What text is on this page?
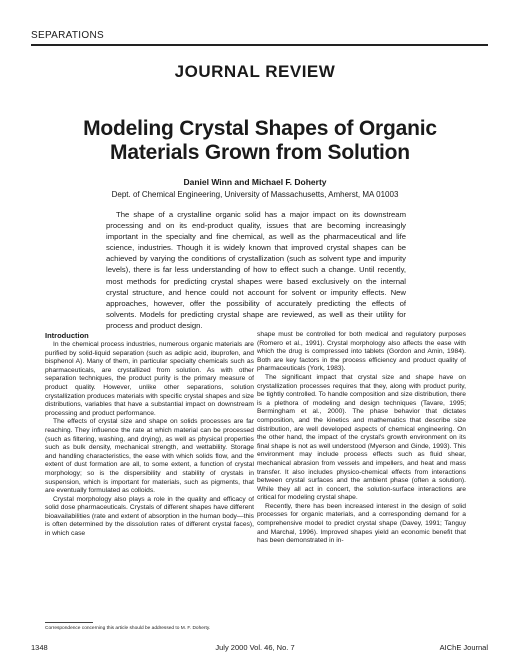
SEPARATIONS
JOURNAL REVIEW
Modeling Crystal Shapes of Organic Materials Grown from Solution
Daniel Winn and Michael F. Doherty
Dept. of Chemical Engineering, University of Massachusetts, Amherst, MA 01003

The shape of a crystalline organic solid has a major impact on its downstream processing and on its end-product quality, issues that are becoming increasingly important in the specialty and fine chemical, as well as the pharmaceutical and life science, industries. Though it is widely known that improved crystal shapes can be achieved by varying the conditions of crystallization (such as solvent type and impurity levels), there is far less understanding of how to effect such a change. Until recently, most methods for predicting crystal shapes were based exclusively on the internal crystal structure, and hence could not account for solvent or impurity effects. New approaches, however, offer the possibility of accurately predicting the effects of solvents. Models for predicting crystal shape are reviewed, as well as their utility for process and product design.

Introduction

In the chemical process industries, numerous organic materials are purified by solid-liquid separation (such as adipic acid, ibuprofen, and bisphenol A). Many of them, in particular specialty chemicals such as pharmaceuticals, are crystallized from solution. As with other separation techniques, the product purity is the primary measure of product quality. However, unlike other separations, solution crystallization produces materials with specific crystal shapes and size distributions, variables that have a substantial impact on downstream processing and product performance.

The effects of crystal size and shape on solids processes are far reaching. They influence the rate at which material can be processed (such as filtering, washing, and drying), as well as physical properties such as bulk density, mechanical strength, and wettability. Storage and handling characteristics, the ease with which solids flow, and the extent of dust formation are all, to some extent, a function of crystal morphology; so is the dispersibility and stability of crystals in suspension, which is important for materials, such as pigments, that are eventually formulated as colloids.

Crystal morphology also plays a role in the quality and efficacy of solid dose pharmaceuticals. Crystals of different shapes have different bioavailabilities (rate and extent of absorption in the human body—this is often determined by the dissolution rates of different crystal faces), in which case

shape must be controlled for both medical and regulatory purposes (Romero et al., 1991). Crystal morphology also affects the ease with which the drug is compressed into tablets (Gordon and Amin, 1984). Both are key factors in the process efficiency and product quality of pharmaceuticals (York, 1983).

The significant impact that crystal size and shape have on crystallization processes requires that they, along with product purity, be tightly controlled. To handle composition and size distribution, there is a plethora of modeling and design techniques (Tavare, 1995; Bermingham et al., 2000). The phase behavior that dictates composition, and the kinetics and mathematics that describe size distribution, are well developed aspects of chemical engineering. On the other hand, the impact of the crystal's growth environment on its final shape is not as well understood (Myerson and Ginde, 1993). This environment may include process effects such as fluid shear, mechanical abrasion from vessels and impellers, and heat and mass transfer. It also includes physico-chemical effects from interactions between crystal surfaces and the ambient phase (often a solution). While they all act in concert, the solution-surface interactions are critical for modeling crystal shape.

Recently, there has been increased interest in the design of solid processes for organic materials, and a corresponding demand for a comprehensive model to predict crystal shape (Davey, 1991; Tanguy and Marchal, 1996). Improved shapes yield an economic benefit that has been demonstrated in in-

Correspondence concerning this article should be addressed to M. F. Doherty.
1348	July 2000 Vol. 46, No. 7	AIChE Journal
